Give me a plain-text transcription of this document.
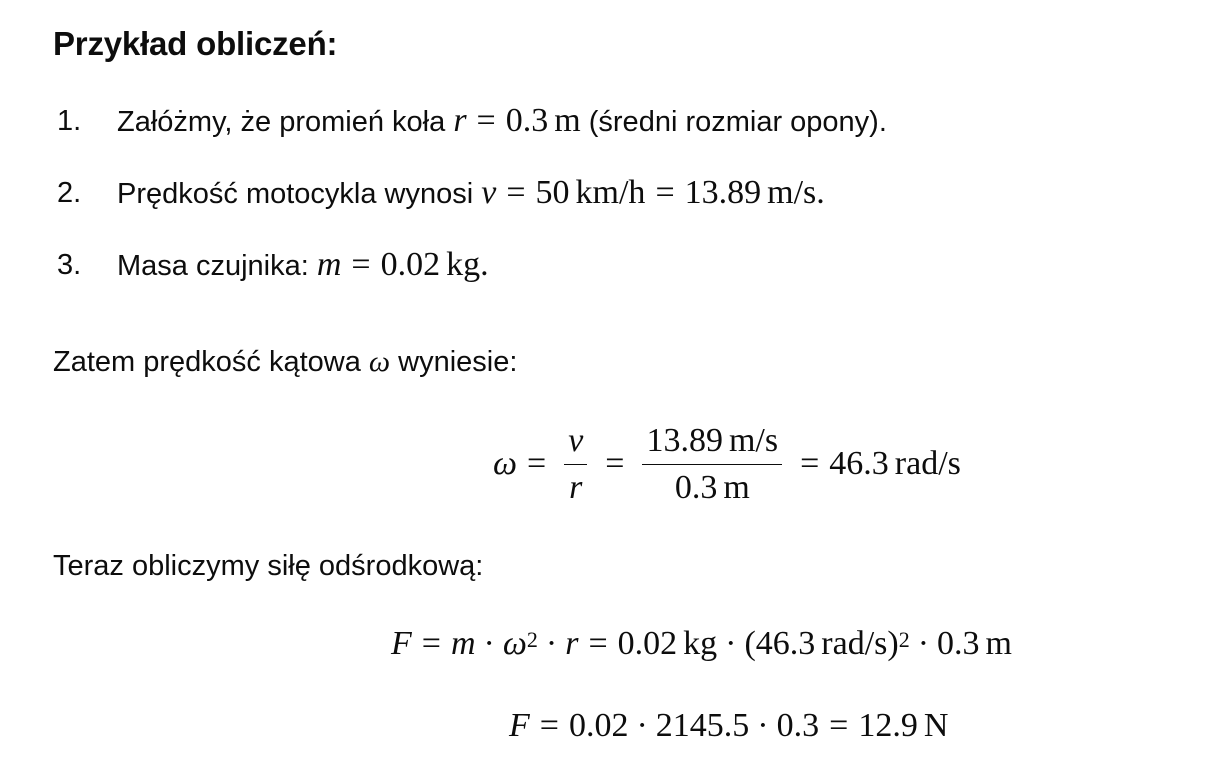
Przykład obliczeń:
1. Załóżmy, że promień koła r = 0.3 m (średni rozmiar opony).
2. Prędkość motocykla wynosi v = 50 km/h = 13.89 m/s.
3. Masa czujnika: m = 0.02 kg.

Zatem prędkość kątowa ω wyniesie:

$\omega = \frac{v}{r} = \frac{13.89 m/s}{0.3 m} = 46.3$ rad/s

Teraz obliczymy siłę odśrodkową:

$F = m \cdot \omega^2 \cdot r = 0.02$ kg · ( 46.3 rad/s )$^2$ · 0.3 m
F = 0.02 · 2145.5 · 0.3 = 12.9 N
